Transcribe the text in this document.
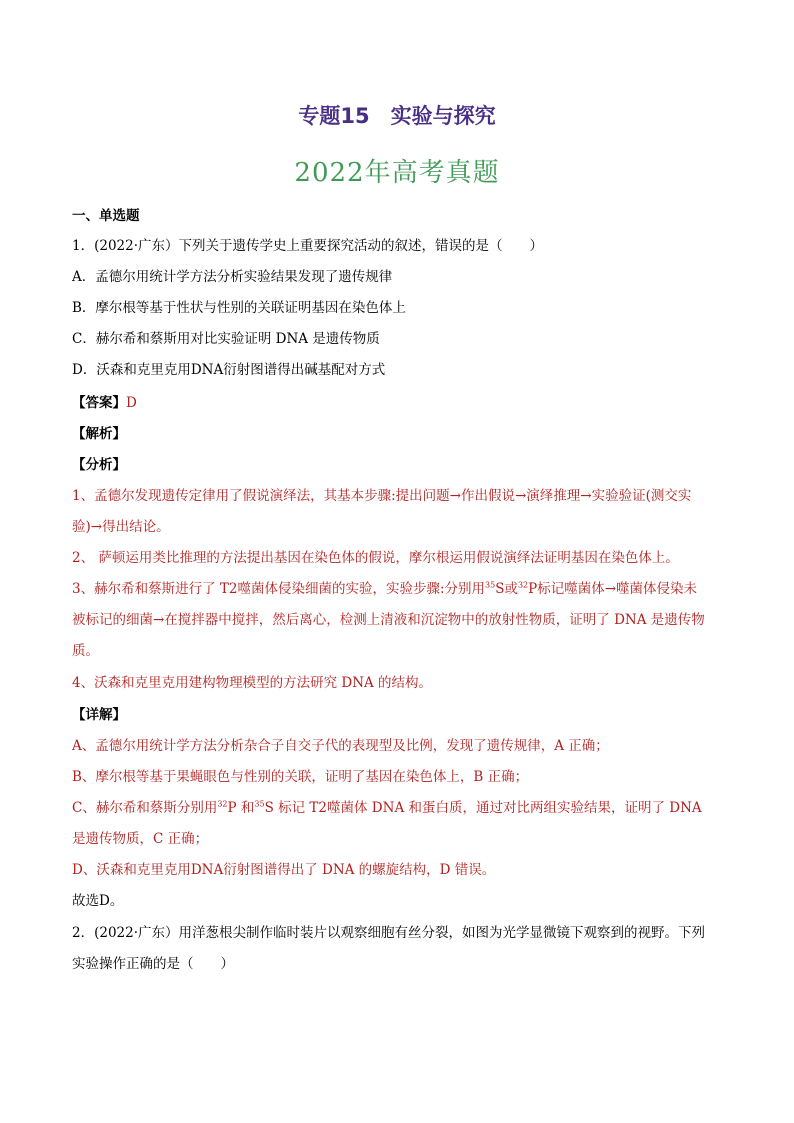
专题15　实验与探究
2022年高考真题
一、单选题
1．(2022·广东）下列关于遗传学史上重要探究活动的叙述，错误的是（　　）
A．孟德尔用统计学方法分析实验结果发现了遗传规律
B．摩尔根等基于性状与性别的关联证明基因在染色体上
C．赫尔希和蔡斯用对比实验证明 DNA 是遗传物质
D．沃森和克里克用DNA衍射图谱得出碱基配对方式
【答案】D
【解析】
【分析】
1、孟德尔发现遗传定律用了假说演绎法，其基本步骤:提出问题→作出假说→演绎推理→实验验证(测交实
验)→得出结论。
2、 萨顿运用类比推理的方法提出基因在染色体的假说，摩尔根运用假说演绎法证明基因在染色体上。
3、赫尔希和蔡斯进行了 T2噬菌体侵染细菌的实验，实验步骤:分别用$^{35}$S或$^{32}$P标记噬菌体→噬菌体侵染未
被标记的细菌→在搅拌器中搅拌，然后离心，检测上清液和沉淀物中的放射性物质，证明了 DNA 是遗传物
质。
4、沃森和克里克用建构物理模型的方法研究 DNA 的结构。
【详解】
A、孟德尔用统计学方法分析杂合子自交子代的表现型及比例，发现了遗传规律，A 正确；
B、摩尔根等基于果蝇眼色与性别的关联，证明了基因在染色体上，B 正确；
C、赫尔希和蔡斯分别用$^{32}$P 和$^{35}$S 标记 T2噬菌体 DNA 和蛋白质，通过对比两组实验结果，证明了 DNA
是遗传物质，C 正确；
D、沃森和克里克用DNA衍射图谱得出了 DNA 的螺旋结构，D 错误。
故选D。
2．(2022·广东）用洋葱根尖制作临时装片以观察细胞有丝分裂，如图为光学显微镜下观察到的视野。下列
实验操作正确的是（　　）
